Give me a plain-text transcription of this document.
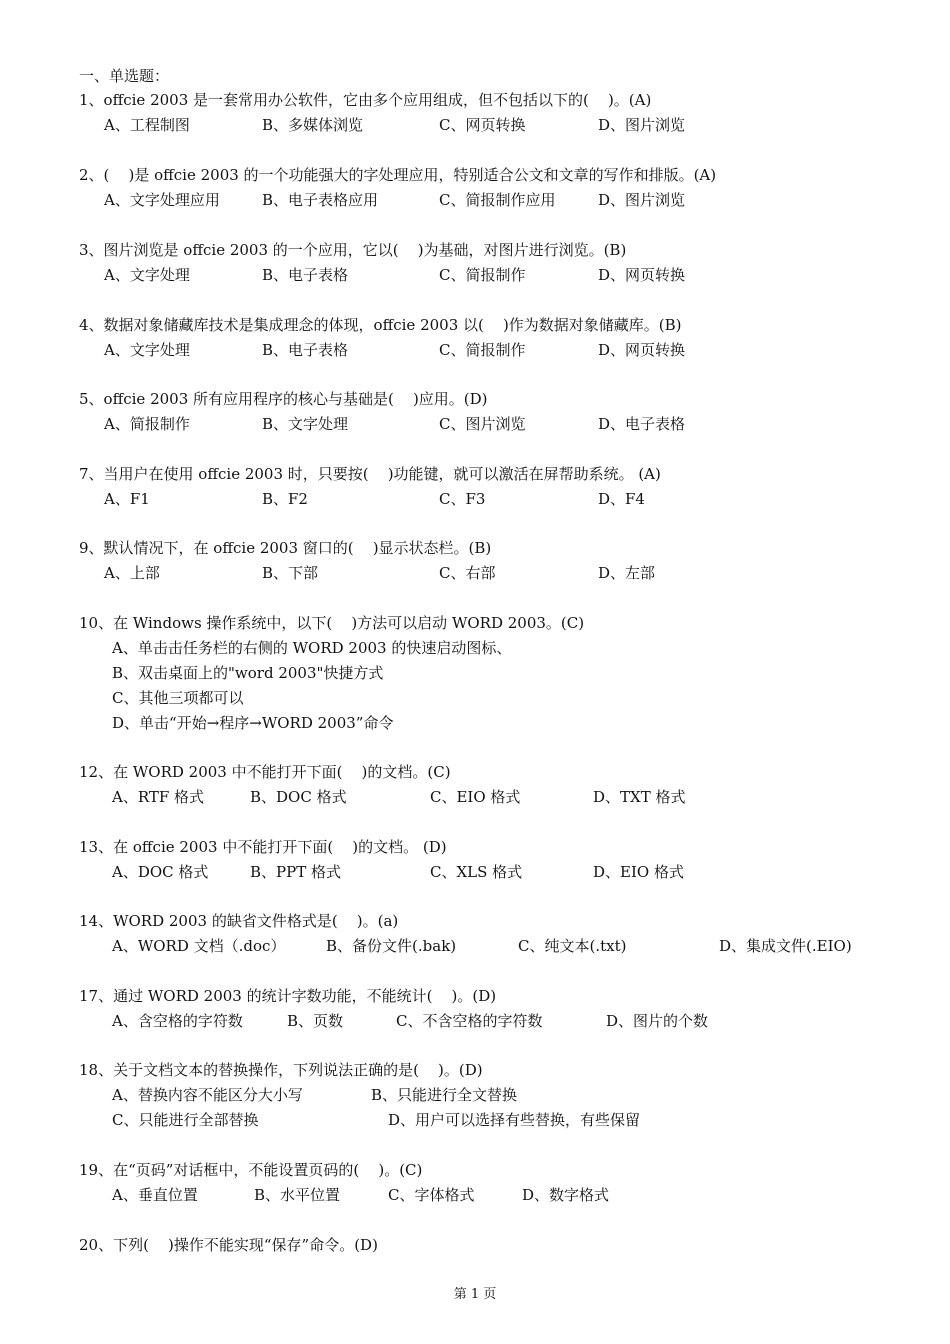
一、单选题：
1、offcie 2003 是一套常用办公软件，它由多个应用组成，但不包括以下的(    )。(A)
A、工程制图	B、多媒体浏览	C、网页转换	D、图片浏览
2、(    )是 offcie 2003 的一个功能强大的字处理应用，特别适合公文和文章的写作和排版。(A)
A、文字处理应用	B、电子表格应用	C、简报制作应用	D、图片浏览
3、图片浏览是 offcie 2003 的一个应用，它以(    )为基础，对图片进行浏览。(B)
A、文字处理	B、电子表格	C、简报制作	D、网页转换
4、数据对象储藏库技术是集成理念的体现，offcie 2003 以(    )作为数据对象储藏库。(B)
A、文字处理	B、电子表格	C、简报制作	D、网页转换
5、offcie 2003 所有应用程序的核心与基础是(    )应用。(D)
A、简报制作	B、文字处理	C、图片浏览	D、电子表格
7、当用户在使用 offcie 2003 时，只要按(    )功能键，就可以激活在屏帮助系统。 (A)
A、F1	B、F2	C、F3	D、F4
9、默认情况下，在 offcie 2003 窗口的(    )显示状态栏。(B)
A、上部	B、下部	C、右部	D、左部
10、在 Windows 操作系统中，以下(    )方法可以启动 WORD 2003。(C)
A、单击击任务栏的右侧的 WORD 2003 的快速启动图标、
B、双击桌面上的"word 2003"快捷方式
C、其他三项都可以
D、单击“开始→程序→WORD 2003”命令
12、在 WORD 2003 中不能打开下面(    )的文档。(C)
A、RTF 格式	B、DOC 格式	C、EIO 格式	D、TXT 格式
13、在 offcie 2003 中不能打开下面(    )的文档。 (D)
A、DOC 格式	B、PPT 格式	C、XLS 格式	D、EIO 格式
14、WORD 2003 的缺省文件格式是(    )。(a)
A、WORD 文档（.doc）	B、备份文件(.bak)	C、纯文本(.txt)	D、集成文件(.EIO)
17、通过 WORD 2003 的统计字数功能，不能统计(    )。(D)
A、含空格的字符数	B、页数	C、不含空格的字符数	D、图片的个数
18、关于文档文本的替换操作，下列说法正确的是(    )。(D)
A、替换内容不能区分大小写	B、只能进行全文替换
C、只能进行全部替换	D、用户可以选择有些替换，有些保留
19、在“页码”对话框中，不能设置页码的(    )。(C)
A、垂直位置	B、水平位置	C、字体格式	D、数字格式
20、下列(    )操作不能实现“保存”命令。(D)
第 1 页
